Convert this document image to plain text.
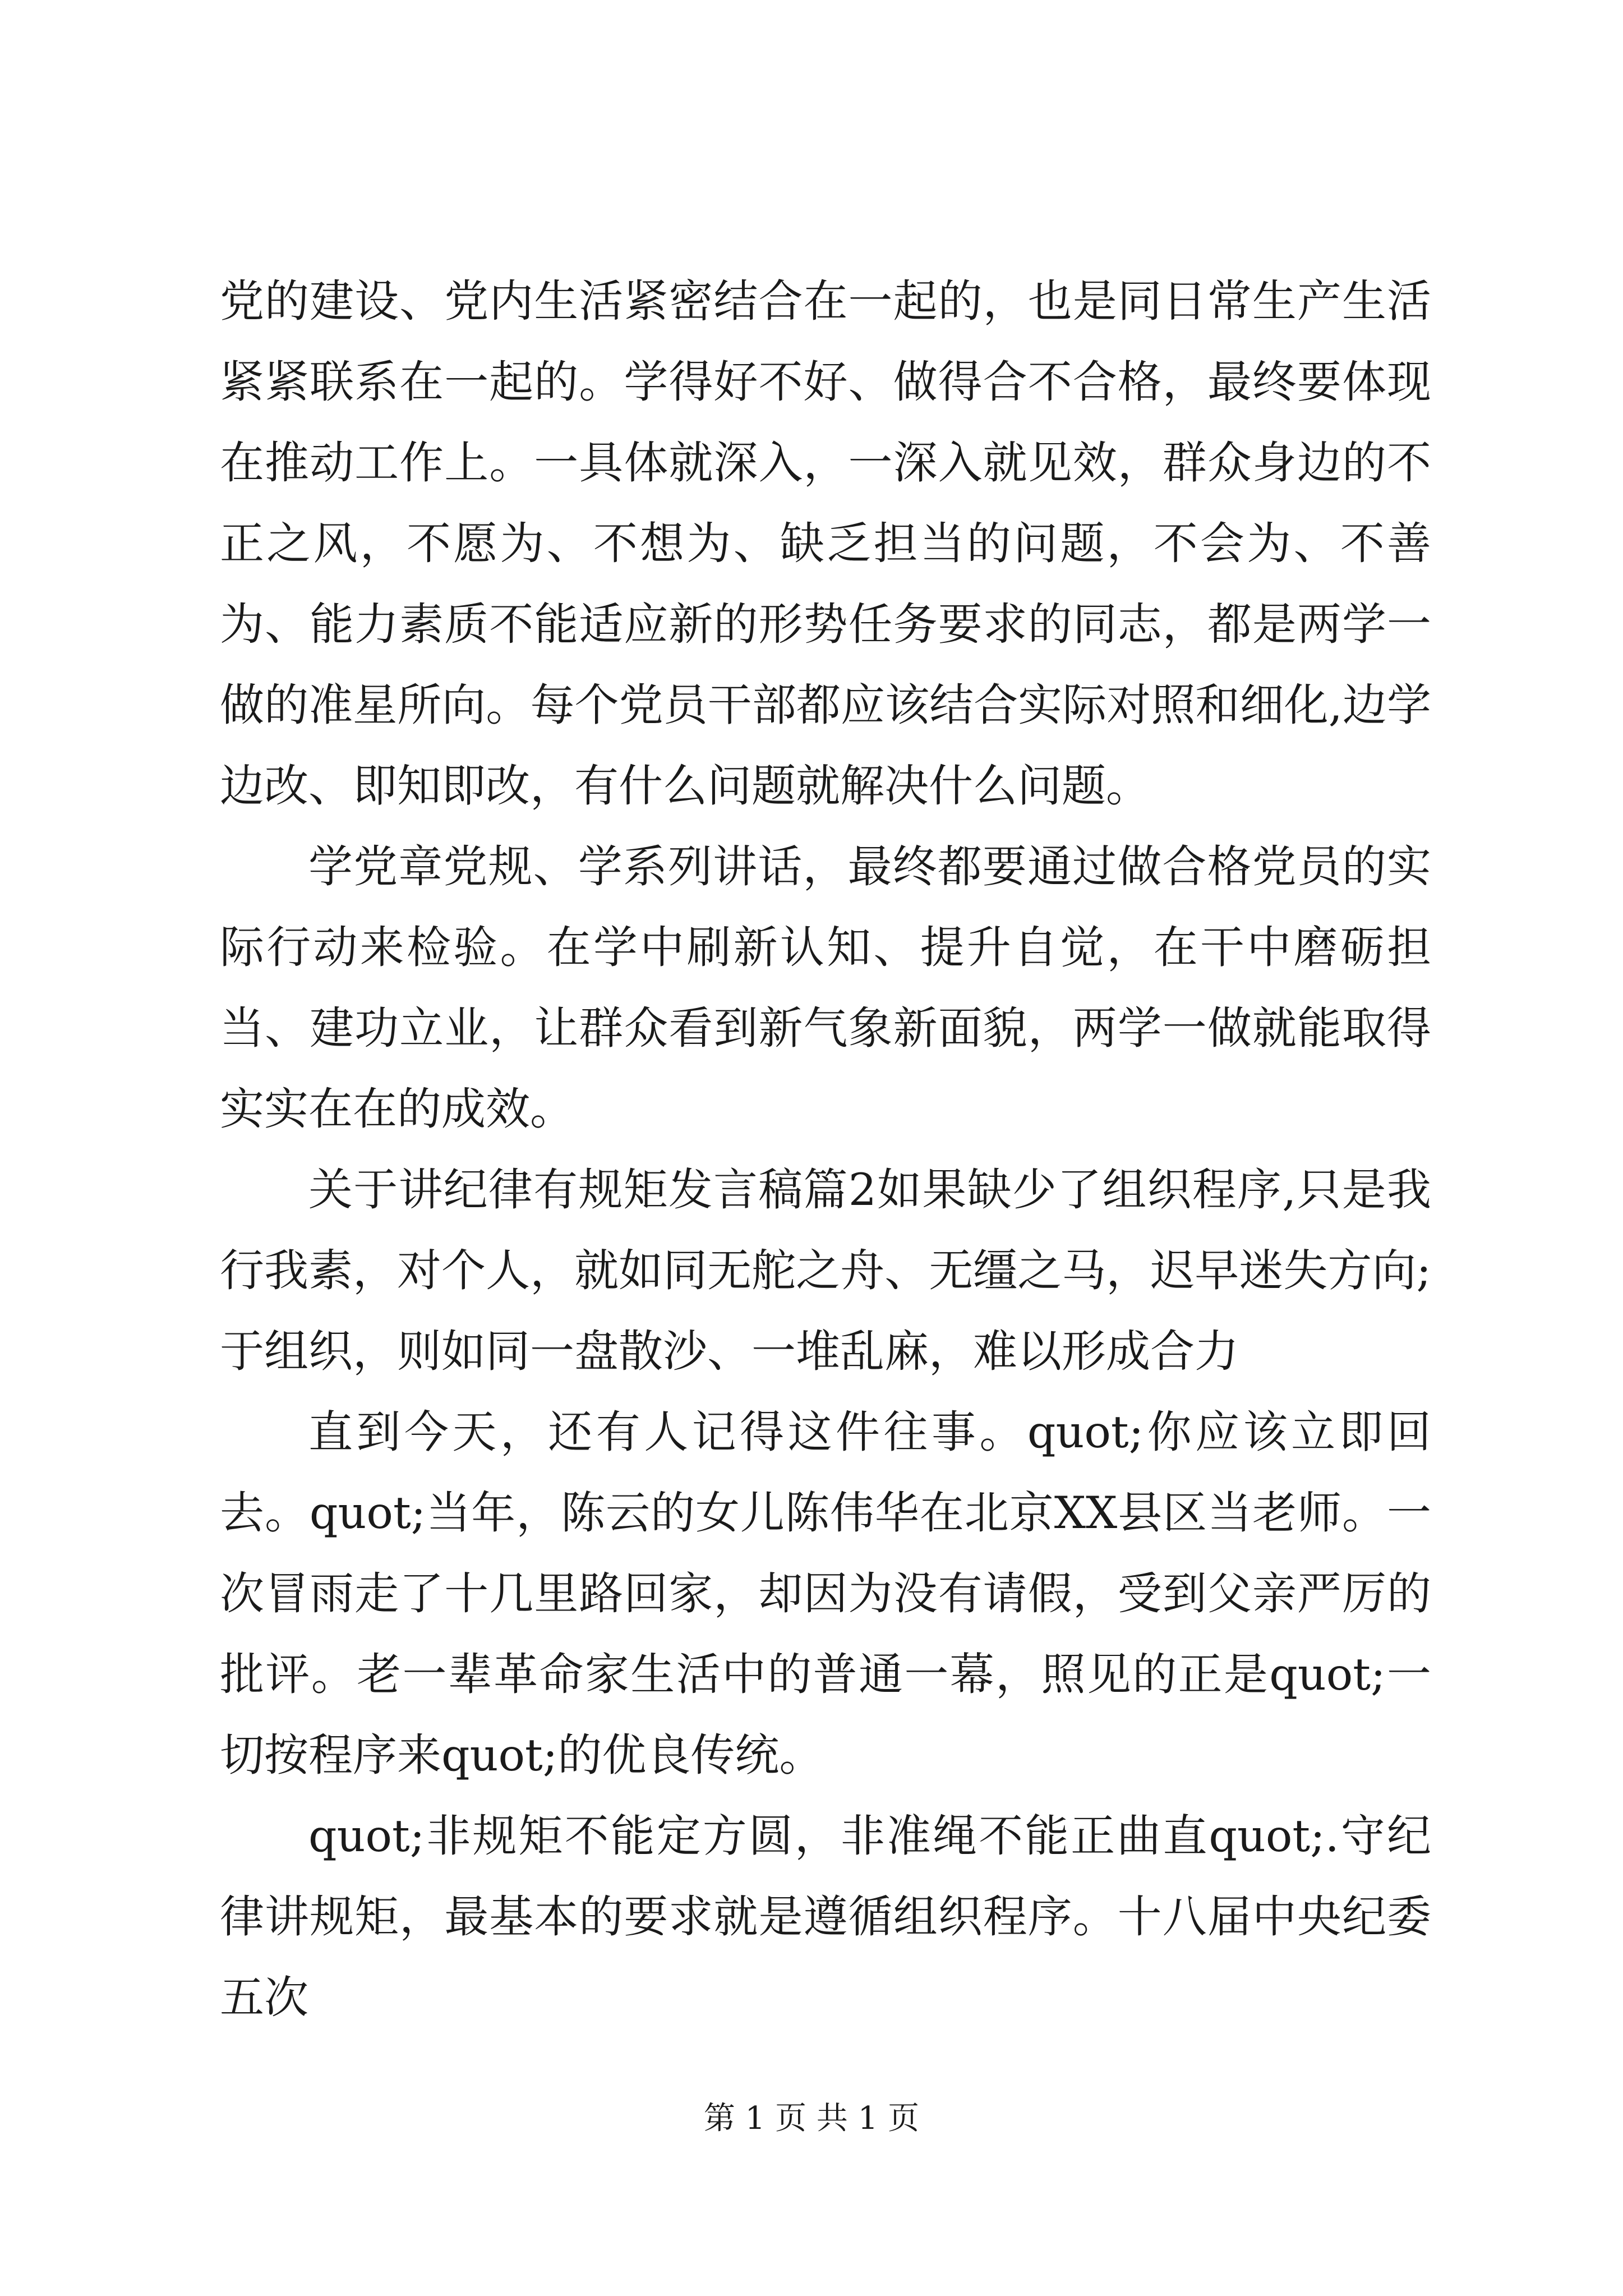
党的建设、党内生活紧密结合在一起的，也是同日常生产生活紧紧联系在一起的。学得好不好、做得合不合格，最终要体现在推动工作上。一具体就深入，一深入就见效，群众身边的不正之风，不愿为、不想为、缺乏担当的问题，不会为、不善为、能力素质不能适应新的形势任务要求的同志，都是两学一做的准星所向。每个党员干部都应该结合实际对照和细化,边学边改、即知即改，有什么问题就解决什么问题。

学党章党规、学系列讲话，最终都要通过做合格党员的实际行动来检验。在学中刷新认知、提升自觉，在干中磨砺担当、建功立业，让群众看到新气象新面貌，两学一做就能取得实实在在的成效。

关于讲纪律有规矩发言稿篇2如果缺少了组织程序,只是我行我素，对个人，就如同无舵之舟、无缰之马，迟早迷失方向;于组织，则如同一盘散沙、一堆乱麻，难以形成合力

直到今天，还有人记得这件往事。quot;你应该立即回去。quot;当年，陈云的女儿陈伟华在北京XX县区当老师。一次冒雨走了十几里路回家，却因为没有请假，受到父亲严厉的批评。老一辈革命家生活中的普通一幕，照见的正是quot;一切按程序来quot;的优良传统。

quot;非规矩不能定方圆，非准绳不能正曲直quot;.守纪律讲规矩，最基本的要求就是遵循组织程序。十八届中央纪委五次

第 1 页 共 1 页
